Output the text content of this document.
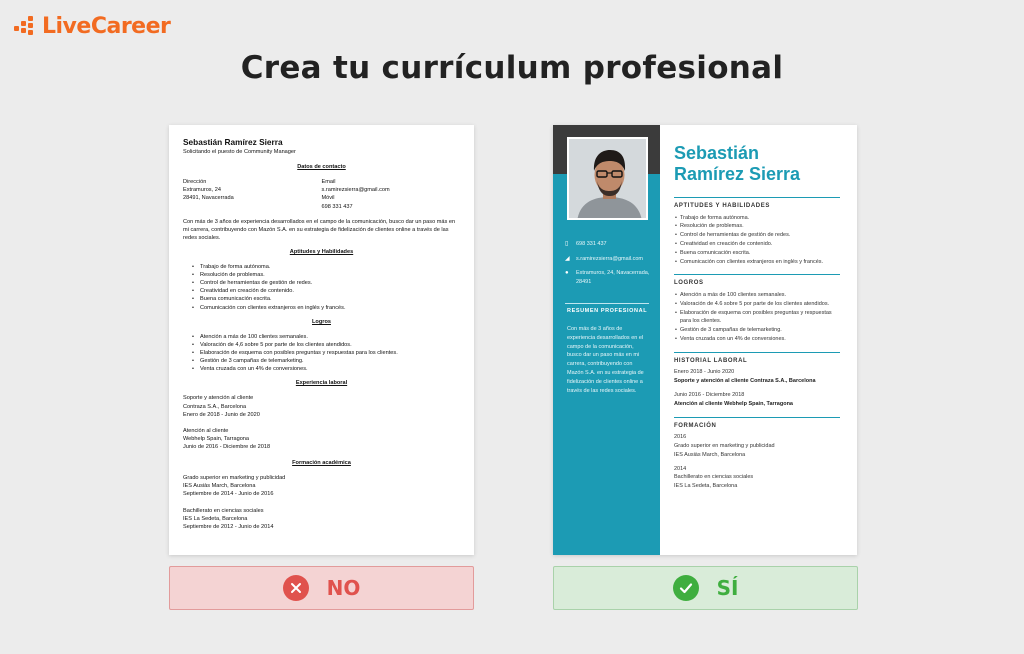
LiveCareer
Crea tu currículum profesional
Sebastián Ramírez Sierra
Solicitando el puesto de Community Manager
Datos de contacto
Dirección
Extramuros, 24
28491, Navacerrada
Email
s.ramirezsierra@gmail.com
Móvil
698 331 437
Con más de 3 años de experiencia desarrollados en el campo de la comunicación, busco dar un paso más en mi carrera, contribuyendo con Mazón S.A. en su estrategia de fidelización de clientes online a través de las redes sociales.
Aptitudes y Habilidades
• Trabajo de forma autónoma.
• Resolución de problemas.
• Control de herramientas de gestión de redes.
• Creatividad en creación de contenido.
• Buena comunicación escrita.
• Comunicación con clientes extranjeros en inglés y francés.
Logros
• Atención a más de 100 clientes semanales.
• Valoración de 4,6 sobre 5 por parte de los clientes atendidos.
• Elaboración de esquema con posibles preguntas y respuestas para los clientes.
• Gestión de 3 campañas de telemarketing.
• Venta cruzada con un 4% de conversiones.
Experiencia laboral
Soporte y atención al cliente
Contraza S.A., Barcelona
Enero de 2018 - Junio de 2020
Atención al cliente
Webhelp Spain, Tarragona
Junio de 2016 - Diciembre de 2018
Formación académica
Grado superior en marketing y publicidad
IES Ausiàs March, Barcelona
Septiembre de 2014 - Junio de 2016
Bachillerato en ciencias sociales
IES La Sedeta, Barcelona
Septiembre de 2012 - Junio de 2014
▯	698 331 437
◢	s.ramirezsierra@gmail.com
●	Extramuros, 24, Navacerrada, 28491
RESUMEN PROFESIONAL
Con más de 3 años de experiencia desarrollados en el campo de la comunicación, busco dar un paso más en mi carrera, contribuyendo con Mazón S.A. en su estrategia de fidelización de clientes online a través de las redes sociales.
Sebastián
Ramírez Sierra
APTITUDES Y HABILIDADES
• Trabajo de forma autónoma.
• Resolución de problemas.
• Control de herramientas de gestión de redes.
• Creatividad en creación de contenido.
• Buena comunicación escrita.
• Comunicación con clientes extranjeros en inglés y francés.
LOGROS
• Atención a más de 100 clientes semanales.
• Valoración de 4.6 sobre 5 por parte de los clientes atendidos.
• Elaboración de esquema con posibles preguntas y respuestas para los clientes.
• Gestión de 3 campañas de telemarketing.
• Venta cruzada con un 4% de conversiones.
HISTORIAL LABORAL
Enero 2018 - Junio 2020
Soporte y atención al cliente Contraza S.A., Barcelona
Junio 2016 - Diciembre 2018
Atención al cliente Webhelp Spain, Tarragona
FORMACIÓN
2016
Grado superior en marketing y publicidad
IES Ausiàs March, Barcelona
2014
Bachillerato en ciencias sociales
IES La Sedeta, Barcelona
NO	SÍ
